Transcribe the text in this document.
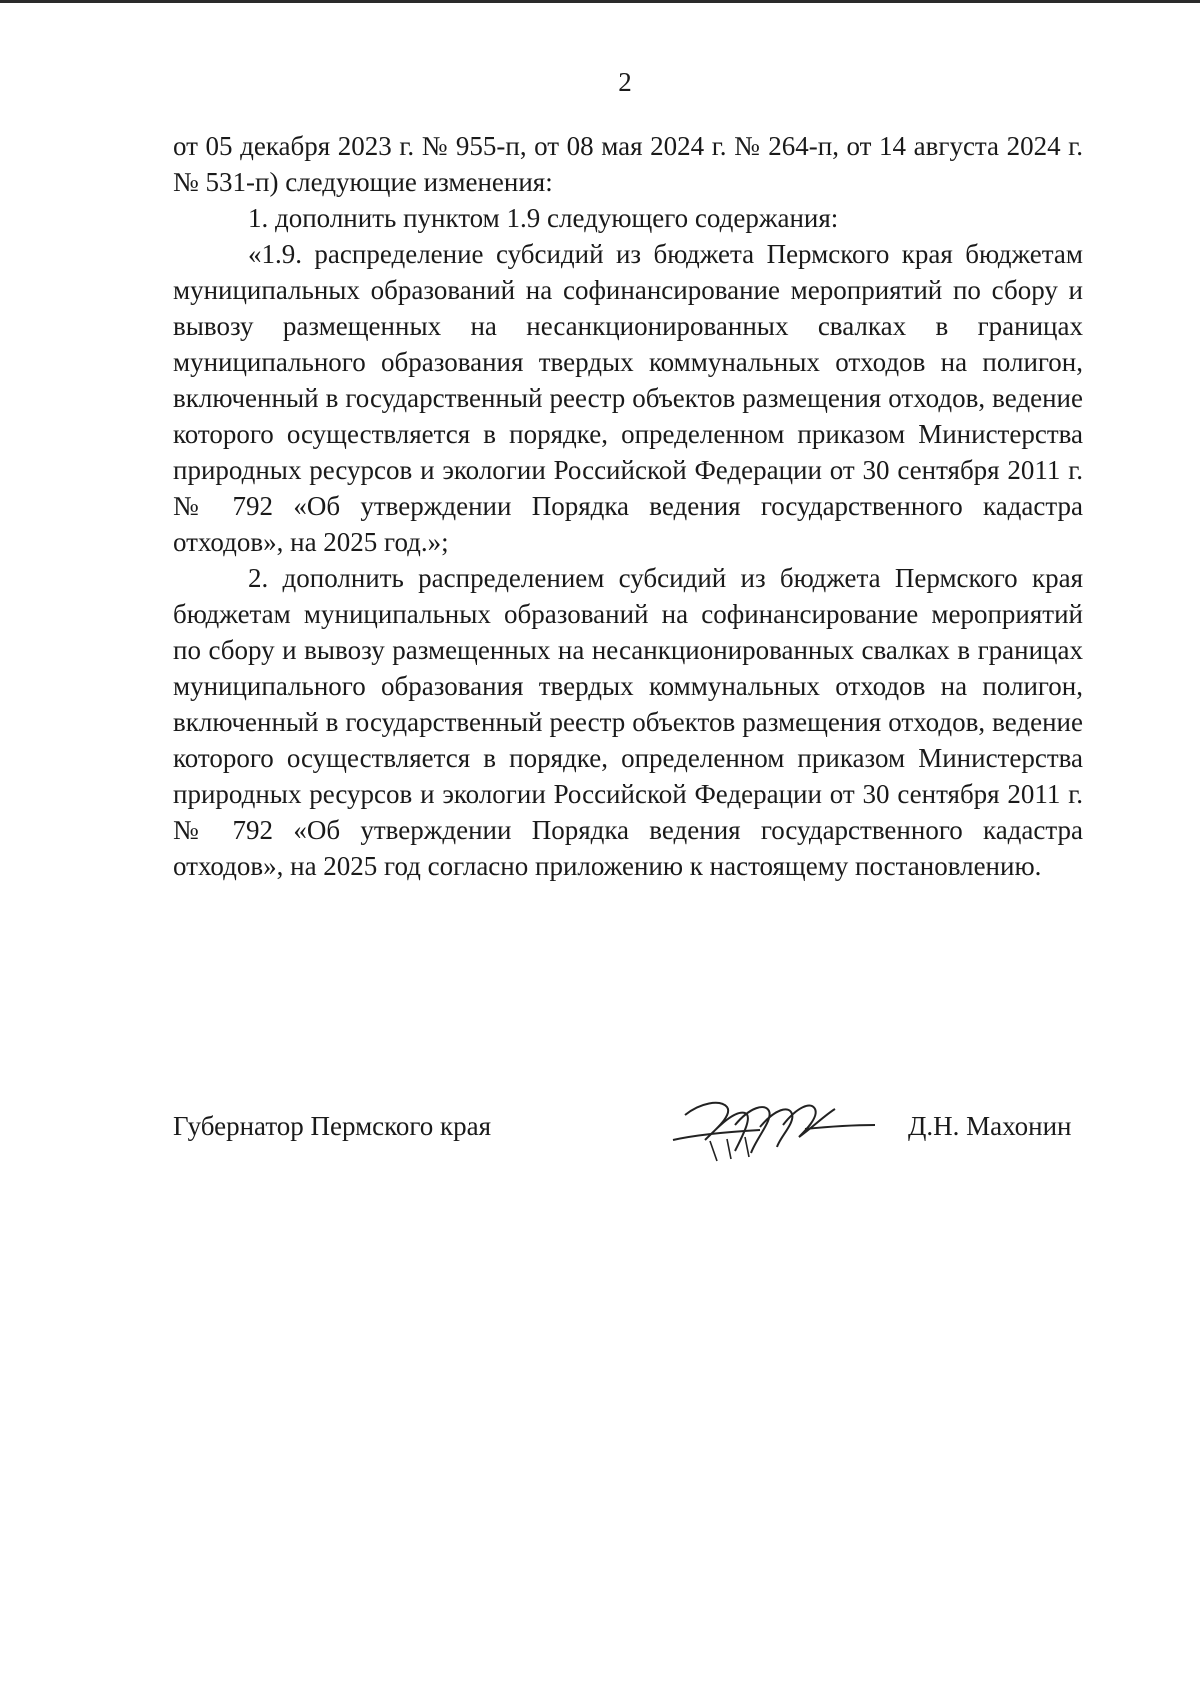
2

от 05 декабря 2023 г. № 955-п, от 08 мая 2024 г. № 264-п, от 14 августа 2024 г. № 531-п) следующие изменения:

1. дополнить пунктом 1.9 следующего содержания:

«1.9. распределение субсидий из бюджета Пермского края бюджетам муниципальных образований на софинансирование мероприятий по сбору и вывозу размещенных на несанкционированных свалках в границах муниципального образования твердых коммунальных отходов на полигон, включенный в государственный реестр объектов размещения отходов, ведение которого осуществляется в порядке, определенном приказом Министерства природных ресурсов и экологии Российской Федерации от 30 сентября 2011 г. № 792 «Об утверждении Порядка ведения государственного кадастра отходов», на 2025 год.»;

2. дополнить распределением субсидий из бюджета Пермского края бюджетам муниципальных образований на софинансирование мероприятий по сбору и вывозу размещенных на несанкционированных свалках в границах муниципального образования твердых коммунальных отходов на полигон, включенный в государственный реестр объектов размещения отходов, ведение которого осуществляется в порядке, определенном приказом Министерства природных ресурсов и экологии Российской Федерации от 30 сентября 2011 г. № 792 «Об утверждении Порядка ведения государственного кадастра отходов», на 2025 год согласно приложению к настоящему постановлению.

Губернатор Пермского края	Д.Н. Махонин
